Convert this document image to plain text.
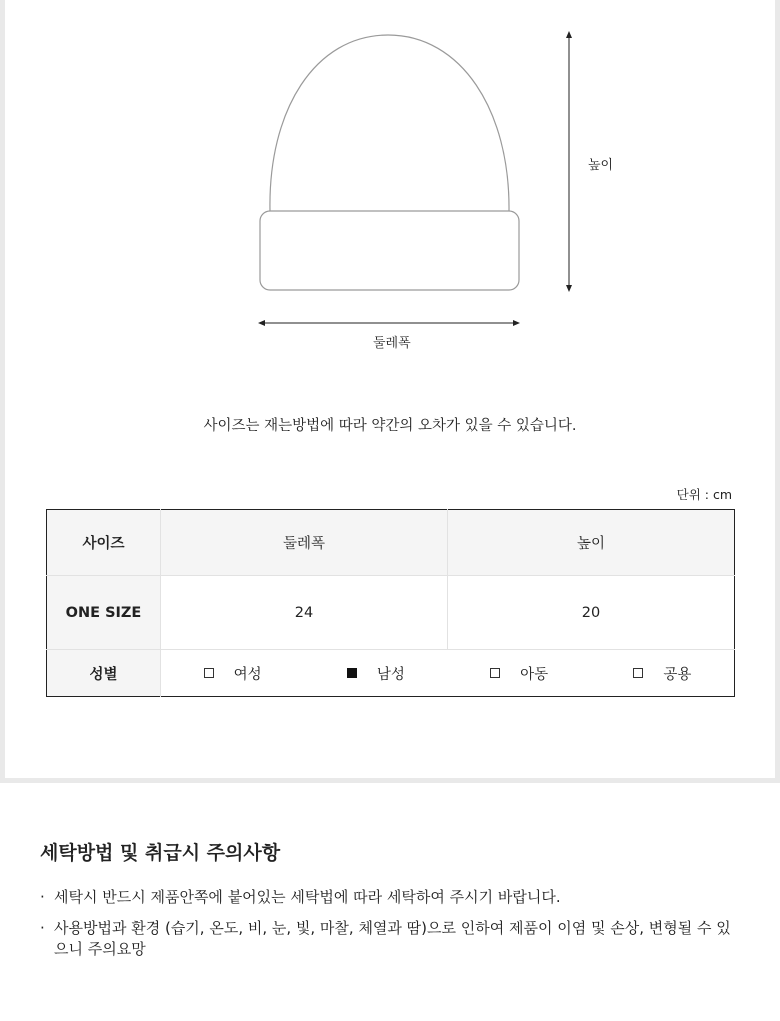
높이
둘레폭
사이즈는 재는방법에 따라 약간의 오차가 있을 수 있습니다.
단위 : cm
사이즈	둘레폭	높이
ONE SIZE	24	20
성별	여성 남성 아동 공용	
세탁방법 및 취급시 주의사항
· 세탁시 반드시 제품안쪽에 붙어있는 세탁법에 따라 세탁하여 주시기 바랍니다.
· 사용방법과 환경 (습기, 온도, 비, 눈, 빛, 마찰, 체열과 땀)으로 인하여 제품이 이염 및 손상, 변형될 수 있으니 주의요망
